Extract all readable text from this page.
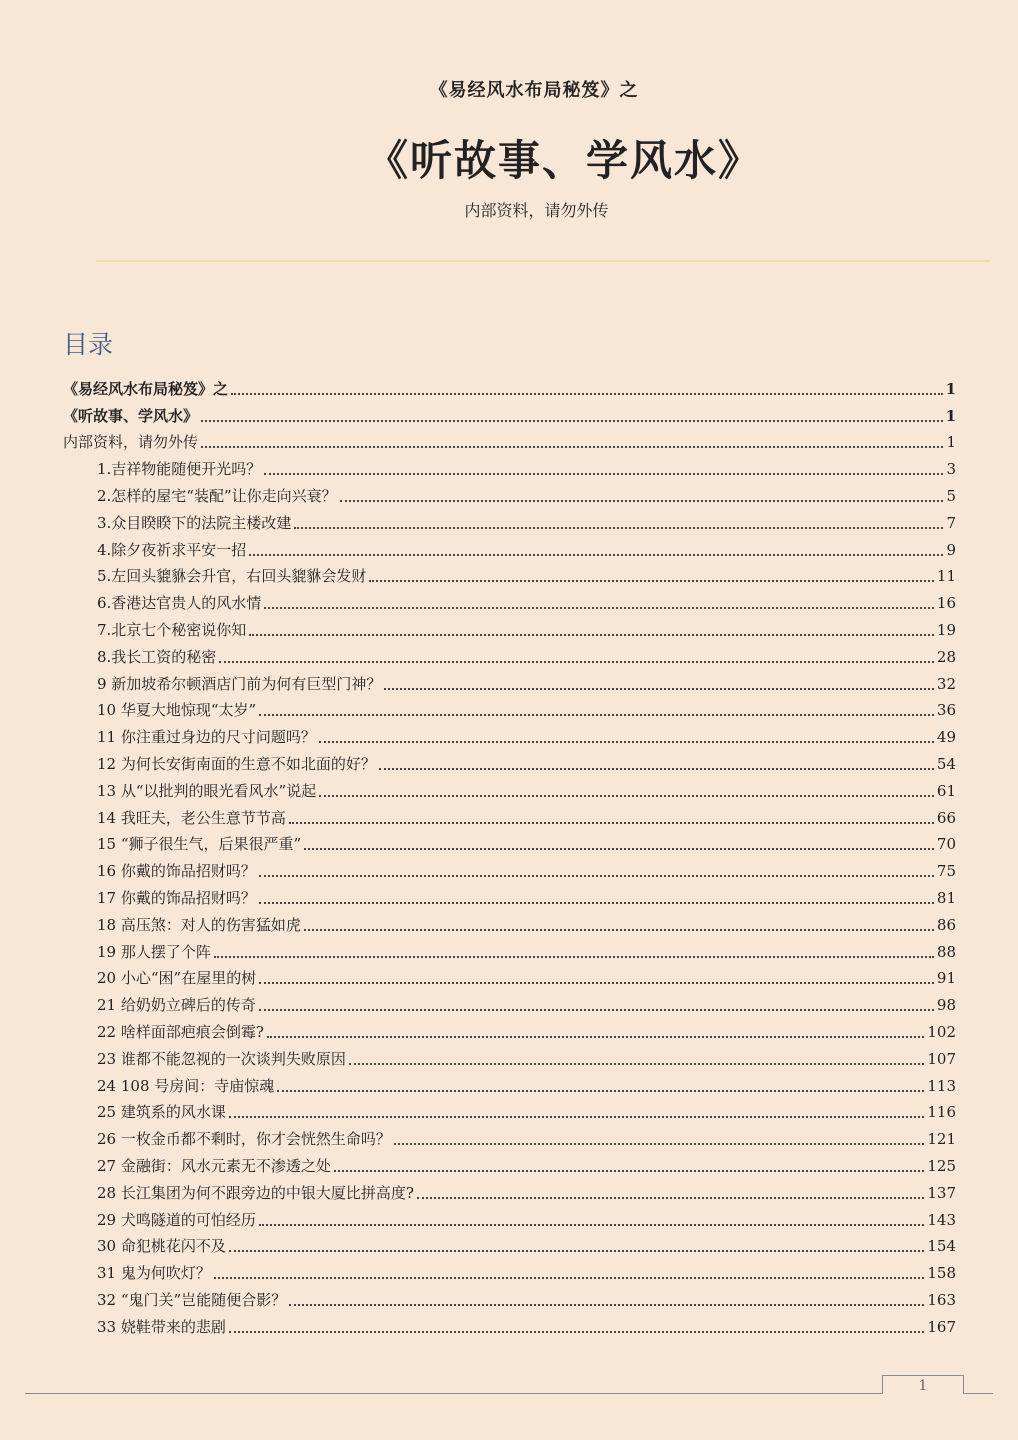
《易经风水布局秘笈》之
《听故事、学风水》
内部资料，请勿外传
目录
《易经风水布局秘笈》之	1
《听故事、学风水》	1
内部资料，请勿外传	1
1.吉祥物能随便开光吗？	3
2.怎样的屋宅“装配”让你走向兴衰？	5
3.众目睽睽下的法院主楼改建	7
4.除夕夜祈求平安一招	9
5.左回头貔貅会升官，右回头貔貅会发财	11
6.香港达官贵人的风水情	16
7.北京七个秘密说你知	19
8.我长工资的秘密	28
9 新加坡希尔顿酒店门前为何有巨型门神？	32
10 华夏大地惊现“太岁”	36
11 你注重过身边的尺寸问题吗？	49
12 为何长安街南面的生意不如北面的好？	54
13 从“以批判的眼光看风水”说起	61
14 我旺夫，老公生意节节高	66
15 “狮子很生气，后果很严重”	70
16 你戴的饰品招财吗？	75
17 你戴的饰品招财吗？	81
18 高压煞：对人的伤害猛如虎	86
19 那人摆了个阵	88
20 小心“困”在屋里的树	91
21 给奶奶立碑后的传奇	98
22 啥样面部疤痕会倒霉?	102
23 谁都不能忽视的一次谈判失败原因	107
24 108 号房间：寺庙惊魂	113
25 建筑系的风水课	116
26 一枚金币都不剩时，你才会恍然生命吗？	121
27 金融街：风水元素无不渗透之处	125
28 长江集团为何不跟旁边的中银大厦比拼高度?	137
29 犬鸣隧道的可怕经历	143
30 命犯桃花闪不及	154
31 鬼为何吹灯？	158
32 “鬼门关”岂能随便合影？	163
33 娆鞋带来的悲剧	167
1
